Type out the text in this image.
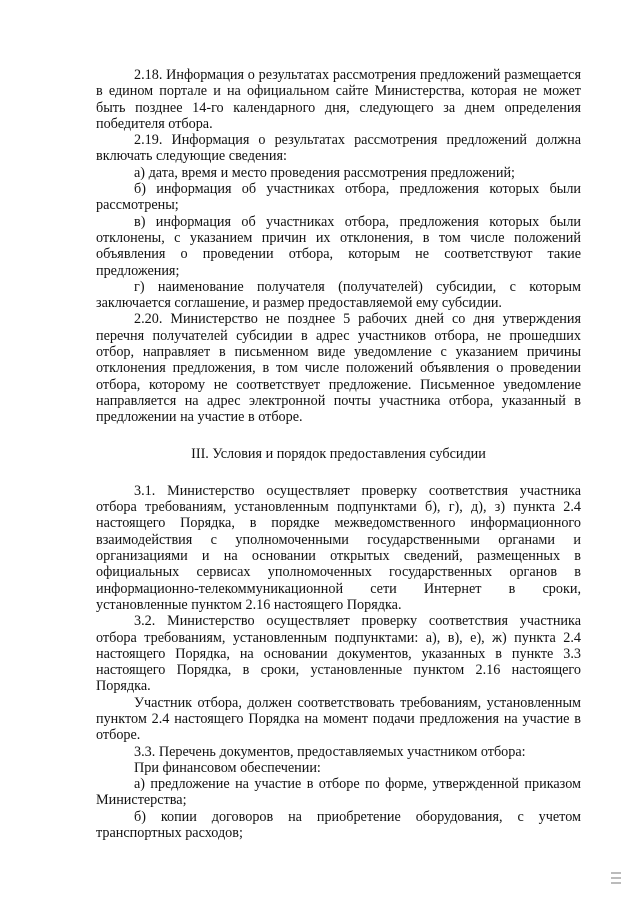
2.18. Информация о результатах рассмотрения предложений размещается в едином портале и на официальном сайте Министерства, которая не может быть позднее 14-го календарного дня, следующего за днем определения победителя отбора.

2.19. Информация о результатах рассмотрения предложений должна включать следующие сведения:

а) дата, время и место проведения рассмотрения предложений;

б) информация об участниках отбора, предложения которых были рассмотрены;

в) информация об участниках отбора, предложения которых были отклонены, с указанием причин их отклонения, в том числе положений объявления о проведении отбора, которым не соответствуют такие предложения;

г) наименование получателя (получателей) субсидии, с которым заключается соглашение, и размер предоставляемой ему субсидии.

2.20. Министерство не позднее 5 рабочих дней со дня утверждения перечня получателей субсидии в адрес участников отбора, не прошедших отбор, направляет в письменном виде уведомление с указанием причины отклонения предложения, в том числе положений объявления о проведении отбора, которому не соответствует предложение. Письменное уведомление направляется на адрес электронной почты участника отбора, указанный в предложении на участие в отборе.

III. Условия и порядок предоставления субсидии

3.1. Министерство осуществляет проверку соответствия участника отбора требованиям, установленным подпунктами б), г), д), з) пункта 2.4 настоящего Порядка, в порядке межведомственного информационного взаимодействия с уполномоченными государственными органами и организациями и на основании открытых сведений, размещенных в официальных сервисах уполномоченных государственных органов в информационно-телекоммуникационной сети Интернет в сроки, установленные пунктом 2.16 настоящего Порядка.

3.2. Министерство осуществляет проверку соответствия участника отбора требованиям, установленным подпунктами: а), в), е), ж) пункта 2.4 настоящего Порядка, на основании документов, указанных в пункте 3.3 настоящего Порядка, в сроки, установленные пунктом 2.16 настоящего Порядка.

Участник отбора, должен соответствовать требованиям, установленным пунктом 2.4 настоящего Порядка на момент подачи предложения на участие в отборе.

3.3. Перечень документов, предоставляемых участником отбора:

При финансовом обеспечении:

а) предложение на участие в отборе по форме, утвержденной приказом Министерства;

б) копии договоров на приобретение оборудования, с учетом транспортных расходов;
